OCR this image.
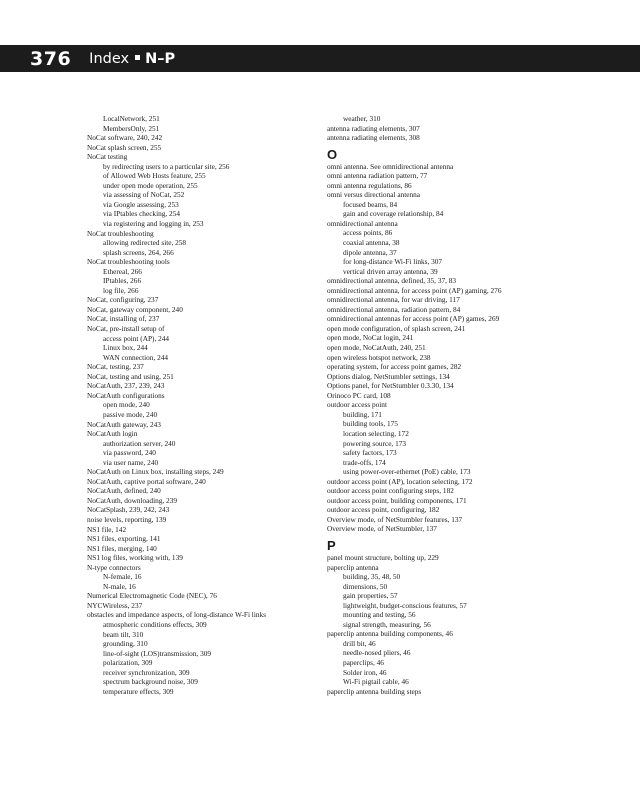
376 Index N–P
LocalNetwork, 251
MembersOnly, 251
NoCat software, 240, 242
NoCat splash screen, 255
NoCat testing
by redirecting users to a particular site, 256
of Allowed Web Hosts feature, 255
under open mode operation, 255
via assessing of NoCat, 252
via Google assessing, 253
via IPtables checking, 254
via registering and logging in, 253
NoCat troubleshooting
allowing redirected site, 258
splash screens, 264, 266
NoCat troubleshooting tools
Ethereal, 266
IPtables, 266
log file, 266
NoCat, configuring, 237
NoCat, gateway component, 240
NoCat, installing of, 237
NoCat, pre-install setup of
access point (AP), 244
Linux box, 244
WAN connection, 244
NoCat, testing, 237
NoCat, testing and using, 251
NoCatAuth, 237, 239, 243
NoCatAuth configurations
open mode, 240
passive mode, 240
NoCatAuth gateway, 243
NoCatAuth login
authorization server, 240
via password, 240
via user name, 240
NoCatAuth on Linux box, installing steps, 249
NoCatAuth, captive portal software, 240
NoCatAuth, defined, 240
NoCatAuth, downloading, 239
NoCatSplash, 239, 242, 243
noise levels, reporting, 139
NS1 file, 142
NS1 files, exporting, 141
NS1 files, merging, 140
NS1 log files, working with, 139
N-type connectors
N-female, 16
N-male, 16
Numerical Electromagnetic Code (NEC), 76
NYCWireless, 237
obstacles and impedance aspects, of long-distance W-Fi links
atmospheric conditions effects, 309
beam tilt, 310
grounding, 310
line-of-sight (LOS)transmission, 309
polarization, 309
receiver synchronization, 309
spectrum background noise, 309
temperature effects, 309
weather, 310
antenna radiating elements, 307
antenna radiating elements, 308
O
omni antenna. See omnidirectional antenna
omni antenna radiation pattern, 77
omni antenna regulations, 86
omni versus directional antenna
focused beams, 84
gain and coverage relationship, 84
omnidirectional antenna
access points, 86
coaxial antenna, 38
dipole antenna, 37
for long-distance Wi-Fi links, 307
vertical driven array antenna, 39
omnidirectional antenna, defined, 35, 37, 83
omnidirectional antenna, for access point (AP) gaming, 276
omnidirectional antenna, for war driving, 117
omnidirectional antenna, radiation pattern, 84
omnidirectional antennas for access point (AP) games, 269
open mode configuration, of splash screen, 241
open mode, NoCat login, 241
open mode, NoCatAuth, 240, 251
open wireless hotspot network, 238
operating system, for access point games, 282
Options dialog, NetStumbler settings, 134
Options panel, for NetStumbler 0.3.30, 134
Orinoco PC card, 108
outdoor access point
building, 171
building tools, 175
location selecting, 172
powering source, 173
safety factors, 173
trade-offs, 174
using power-over-ethernet (PoE) cable, 173
outdoor access point (AP), location selecting, 172
outdoor access point configuring steps, 182
outdoor access point, building components, 171
outdoor access point, configuring, 182
Overview mode, of NetStumbler features, 137
Overview mode, of NetStumbler, 137
P
panel mount structure, bolting up, 229
paperclip antenna
building, 35, 48, 50
dimensions, 50
gain properties, 57
lightweight, budget-conscious features, 57
mounting and testing, 56
signal strength, measuring, 56
paperclip antenna building components, 46
drill bit, 46
needle-nosed pliers, 46
paperclips, 46
Solder iron, 46
Wi-Fi pigtail cable, 46
paperclip antenna building steps
